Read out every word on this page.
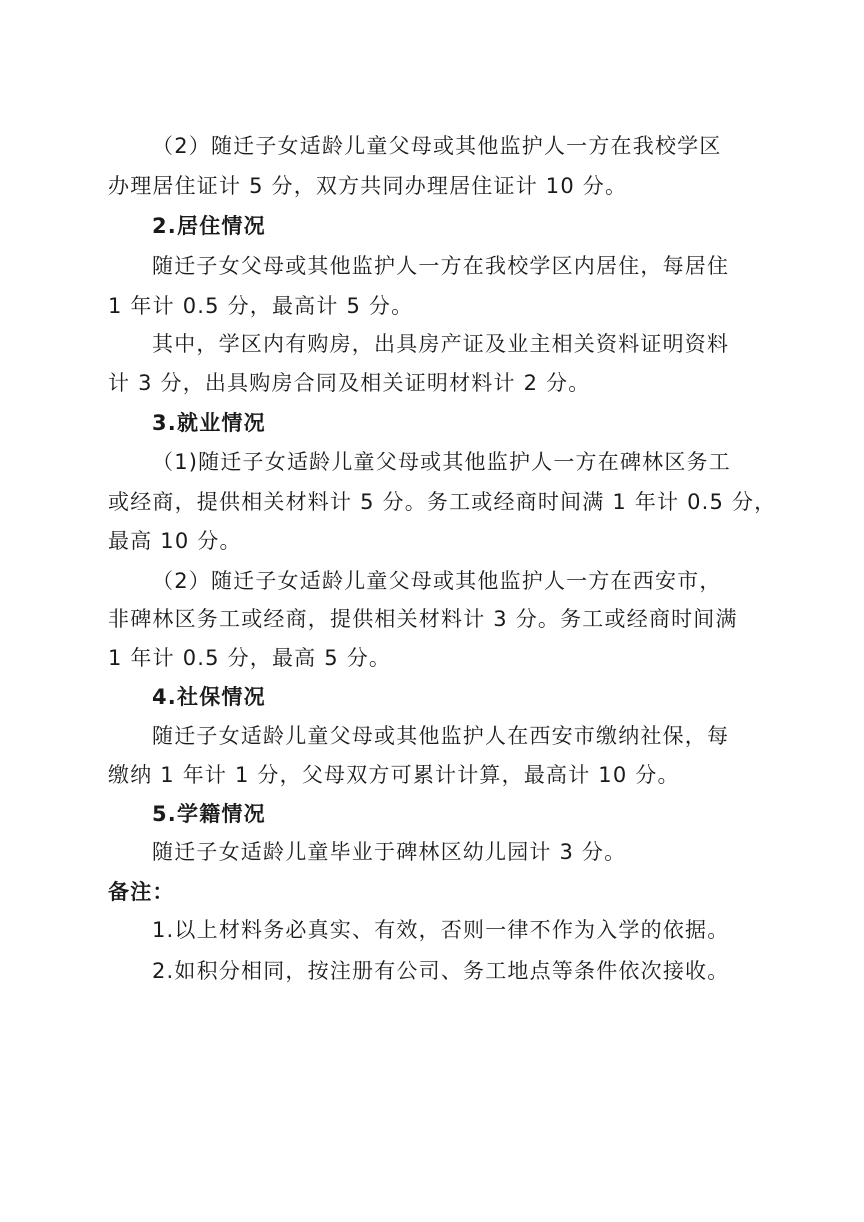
（2）随迁子女适龄儿童父母或其他监护人一方在我校学区
办理居住证计 5 分，双方共同办理居住证计 10 分。
2.居住情况
随迁子女父母或其他监护人一方在我校学区内居住，每居住
1 年计 0.5 分，最高计 5 分。
其中，学区内有购房，出具房产证及业主相关资料证明资料
计 3 分，出具购房合同及相关证明材料计 2 分。
3.就业情况
（1)随迁子女适龄儿童父母或其他监护人一方在碑林区务工
或经商，提供相关材料计 5 分。务工或经商时间满 1 年计 0.5 分，
最高 10 分。
（2）随迁子女适龄儿童父母或其他监护人一方在西安市，
非碑林区务工或经商，提供相关材料计 3 分。务工或经商时间满
1 年计 0.5 分，最高 5 分。
4.社保情况
随迁子女适龄儿童父母或其他监护人在西安市缴纳社保，每
缴纳 1 年计 1 分，父母双方可累计计算，最高计 10 分。
5.学籍情况
随迁子女适龄儿童毕业于碑林区幼儿园计 3 分。
备注：
1.以上材料务必真实、有效，否则一律不作为入学的依据。
2.如积分相同，按注册有公司、务工地点等条件依次接收。
